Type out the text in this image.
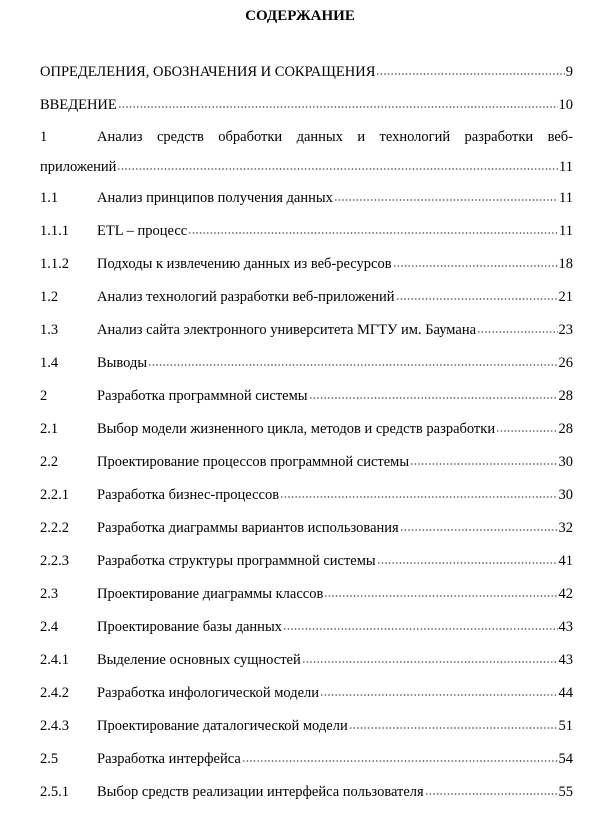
СОДЕРЖАНИЕ
ОПРЕДЕЛЕНИЯ, ОБОЗНАЧЕНИЯ И СОКРАЩЕНИЯ	9
ВВЕДЕНИЕ	10
1	Анализ средств обработки данных и технологий разработки веб-
приложений	11
1.1	Анализ принципов получения данных	11
1.1.1	ETL – процесс	11
1.1.2	Подходы к извлечению данных из веб-ресурсов	18
1.2	Анализ технологий разработки веб-приложений	21
1.3	Анализ сайта электронного университета МГТУ им. Баумана	23
1.4	Выводы	26
2	Разработка программной системы	28
2.1	Выбор модели жизненного цикла, методов и средств разработки	28
2.2	Проектирование процессов программной системы	30
2.2.1	Разработка бизнес-процессов	30
2.2.2	Разработка диаграммы вариантов использования	32
2.2.3	Разработка структуры программной системы	41
2.3	Проектирование диаграммы классов	42
2.4	Проектирование базы данных	43
2.4.1	Выделение основных сущностей	43
2.4.2	Разработка инфологической модели	44
2.4.3	Проектирование даталогической модели	51
2.5	Разработка интерфейса	54
2.5.1	Выбор средств реализации интерфейса пользователя	55
